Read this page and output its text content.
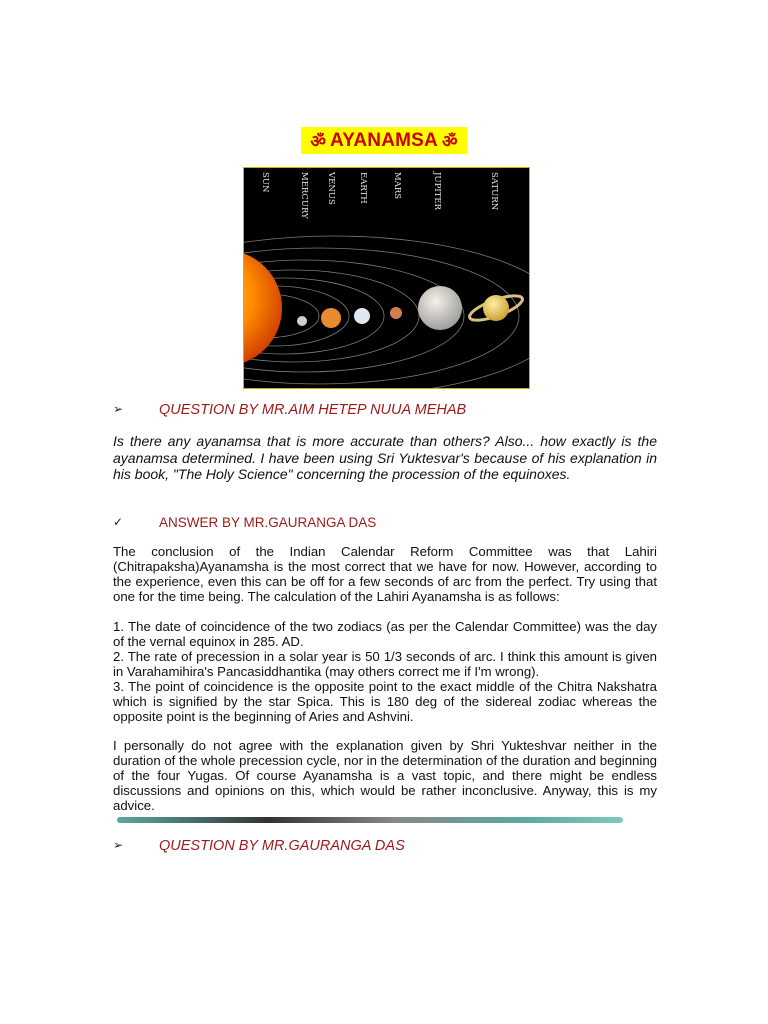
ॐ AYANAMSA ॐ
SUN	MERCURY VENUS	EARTH	MARS	JUPITER	SATURN
➢ QUESTION BY MR.AIM HETEP NUUA MEHAB
Is there any ayanamsa that is more accurate than others? Also... how exactly is the ayanamsa determined. I have been using Sri Yuktesvar's because of his explanation in his book, "The Holy Science" concerning the procession of the equinoxes.
✓	ANSWER BY MR.GAURANGA DAS
The conclusion of the Indian Calendar Reform Committee was that Lahiri (Chitrapaksha)Ayanamsha is the most correct that we have for now. However, according to the experience, even this can be off for a few seconds of arc from the perfect. Try using that one for the time being. The calculation of the Lahiri Ayanamsha is as follows:

1. The date of coincidence of the two zodiacs (as per the Calendar Committee) was the day of the vernal equinox in 285. AD.

2. The rate of precession in a solar year is 50 1/3 seconds of arc. I think this amount is given in Varahamihira's Pancasiddhantika (may others correct me if I'm wrong).

3. The point of coincidence is the opposite point to the exact middle of the Chitra Nakshatra which is signified by the star Spica. This is 180 deg of the sidereal zodiac whereas the opposite point is the beginning of Aries and Ashvini.

I personally do not agree with the explanation given by Shri Yukteshvar neither in the duration of the whole precession cycle, nor in the determination of the duration and beginning of the four Yugas. Of course Ayanamsha is a vast topic, and there might be endless discussions and opinions on this, which would be rather inconclusive. Anyway, this is my advice.
➢ QUESTION BY MR.GAURANGA DAS
